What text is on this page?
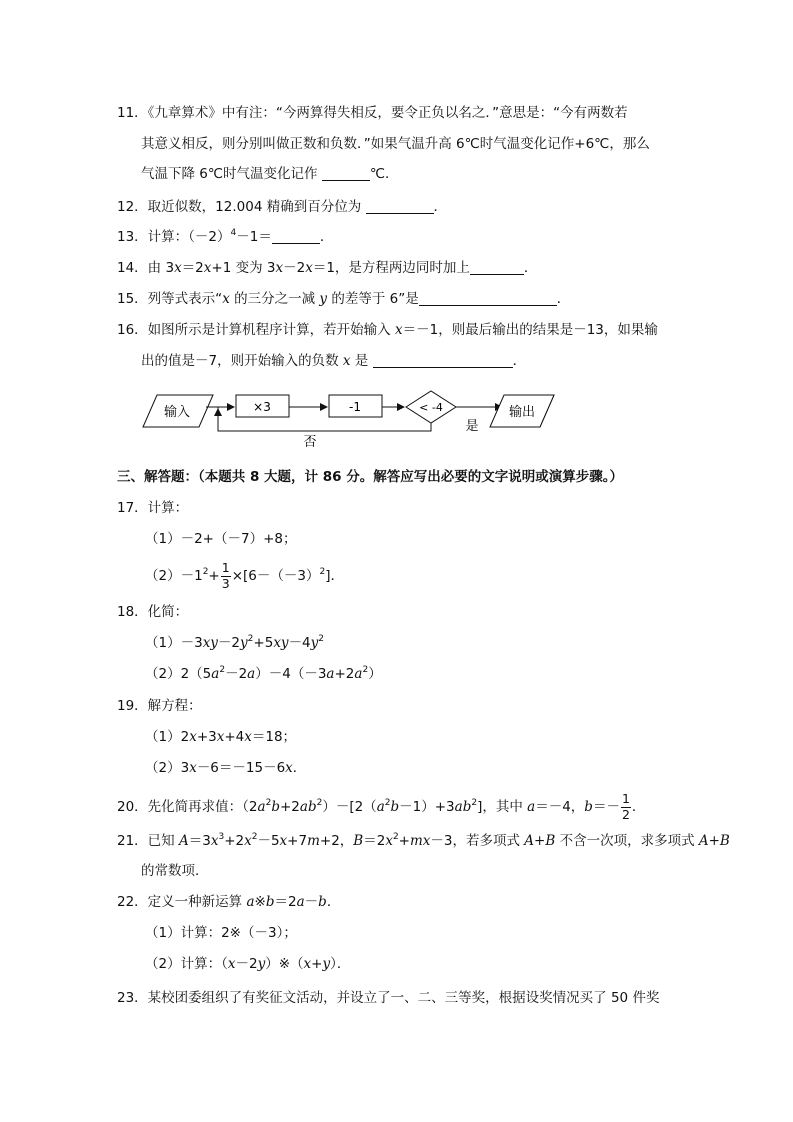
11．《九章算术》中有注：“今两算得失相反，要令正负以名之．”意思是：“今有两数若
其意义相反，则分别叫做正数和负数．”如果气温升高 6℃时气温变化记作+6℃，那么
气温下降 6℃时气温变化记作	℃．
12．取近似数，12.004 精确到百分位为	．
13．计算：$(-2)^4-1=$	．
14．由 3x＝2x+1 变为 3x－2x＝1，是方程两边同时加上	．
15．列等式表示“x 的三分之一减 y 的差等于 6”是	．
16．如图所示是计算机程序计算，若开始输入 x＝－1，则最后输出的结果是－13，如果输
出的值是－7，则开始输入的负数 x 是	．
输入	×3	-1	< -4
是
输出
否
三、解答题：（本题共 8 大题，计 86 分。解答应写出必要的文字说明或演算步骤。）
17．计算：
（1）－2+（－7）+8；
$(2)-1^2+ \frac{1}{3} \times[6-(-3)^2]$．
18．化简：
$(1)-3xy-2y^2+5xy-4y^2$
$(2)2(5a^2-2a)-4(-3a+2a^2)$
19．解方程：
（1）2x+3x+4x＝18；
（2）3x－6＝－15－6x．
20．先化简再求值：$(2a^2b+2ab^2)-[2(a^2b-1)+3ab^2]$，其中 a＝－4，$b=- \frac{1}{2}$ ．
21．已知 $A=3x^3+2x^2-5x+7m+2$，$B=2x^2+mx-3$，若多项式 A+B 不含一次项，求多项式 A+B
的常数项．
22．定义一种新运算 a※b＝2a－b．
（1）计算：2※（－3）；
（2）计算：（x－2y）※（x+y）．
23．某校团委组织了有奖征文活动，并设立了一、二、三等奖，根据设奖情况买了 50 件奖
